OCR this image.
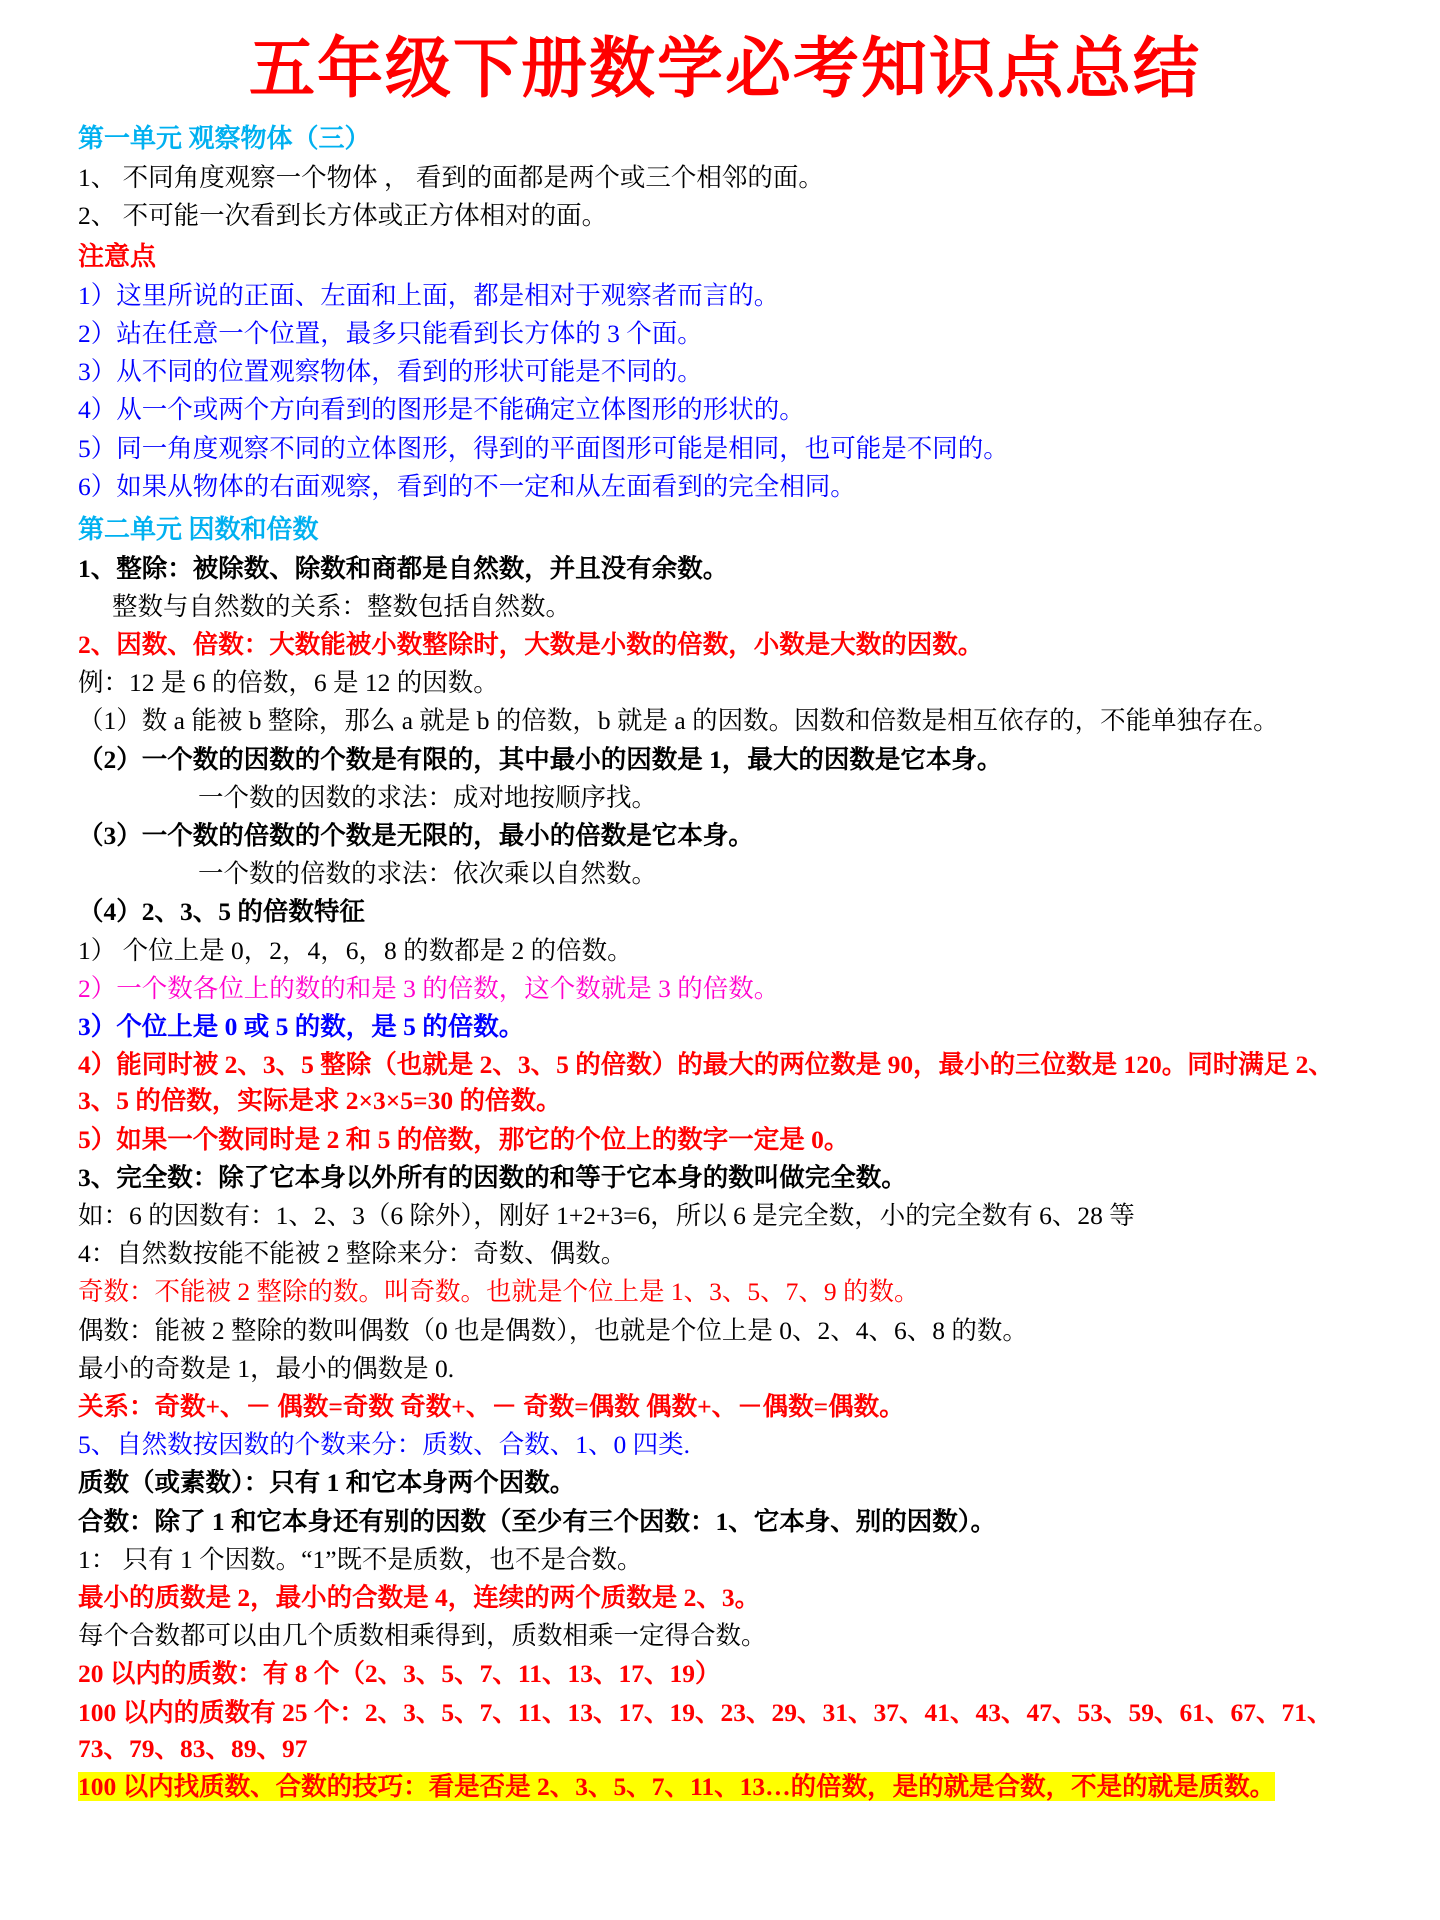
五年级下册数学必考知识点总结
第一单元 观察物体（三）
1、 不同角度观察一个物体 ， 看到的面都是两个或三个相邻的面。
2、 不可能一次看到长方体或正方体相对的面。
注意点
1）这里所说的正面、左面和上面，都是相对于观察者而言的。
2）站在任意一个位置，最多只能看到长方体的 3 个面。
3）从不同的位置观察物体，看到的形状可能是不同的。
4）从一个或两个方向看到的图形是不能确定立体图形的形状的。
5）同一角度观察不同的立体图形，得到的平面图形可能是相同，也可能是不同的。
6）如果从物体的右面观察，看到的不一定和从左面看到的完全相同。
第二单元 因数和倍数
1、整除：被除数、除数和商都是自然数，并且没有余数。
整数与自然数的关系：整数包括自然数。
2、因数、倍数：大数能被小数整除时，大数是小数的倍数，小数是大数的因数。
例：12 是 6 的倍数，6 是 12 的因数。
（1）数 a 能被 b 整除，那么 a 就是 b 的倍数，b 就是 a 的因数。因数和倍数是相互依存的，不能单独存在。
（2）一个数的因数的个数是有限的，其中最小的因数是 1，最大的因数是它本身。
一个数的因数的求法：成对地按顺序找。
（3）一个数的倍数的个数是无限的，最小的倍数是它本身。
一个数的倍数的求法：依次乘以自然数。
（4）2、3、5 的倍数特征
1） 个位上是 0，2，4，6，8 的数都是 2 的倍数。
2）一个数各位上的数的和是 3 的倍数，这个数就是 3 的倍数。
3）个位上是 0 或 5 的数，是 5 的倍数。
4）能同时被 2、3、5 整除（也就是 2、3、5 的倍数）的最大的两位数是 90，最小的三位数是 120。同时满足 2、3、5 的倍数，实际是求 2×3×5=30 的倍数。
5）如果一个数同时是 2 和 5 的倍数，那它的个位上的数字一定是 0。
3、完全数：除了它本身以外所有的因数的和等于它本身的数叫做完全数。
如：6 的因数有：1、2、3（6 除外），刚好 1+2+3=6，所以 6 是完全数，小的完全数有 6、28 等
4：自然数按能不能被 2 整除来分：奇数、偶数。
奇数：不能被 2 整除的数。叫奇数。也就是个位上是 1、3、5、7、9 的数。
偶数：能被 2 整除的数叫偶数（0 也是偶数），也就是个位上是 0、2、4、6、8 的数。
最小的奇数是 1，最小的偶数是 0.
关系：奇数+、－ 偶数=奇数 奇数+、－ 奇数=偶数 偶数+、－偶数=偶数。
5、自然数按因数的个数来分：质数、合数、1、0 四类.
质数（或素数）：只有 1 和它本身两个因数。
合数：除了 1 和它本身还有别的因数（至少有三个因数：1、它本身、别的因数）。
1： 只有 1 个因数。“1”既不是质数，也不是合数。
最小的质数是 2，最小的合数是 4，连续的两个质数是 2、3。
每个合数都可以由几个质数相乘得到，质数相乘一定得合数。
20 以内的质数：有 8 个（2、3、5、7、11、13、17、19）
100 以内的质数有 25 个：2、3、5、7、11、13、17、19、23、29、31、37、41、43、47、53、59、61、67、71、73、79、83、89、97
100 以内找质数、合数的技巧：看是否是 2、3、5、7、11、13…的倍数，是的就是合数，不是的就是质数。
